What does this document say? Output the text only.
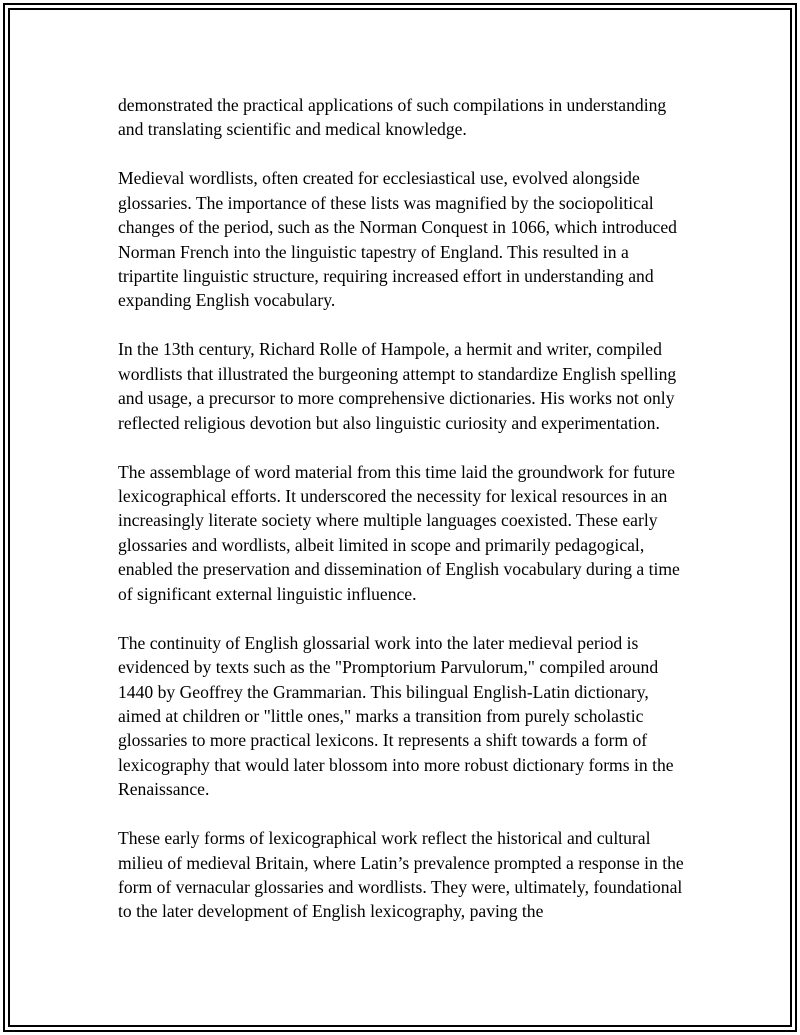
demonstrated the practical applications of such compilations in understanding and translating scientific and medical knowledge.

Medieval wordlists, often created for ecclesiastical use, evolved alongside glossaries. The importance of these lists was magnified by the sociopolitical changes of the period, such as the Norman Conquest in 1066, which introduced Norman French into the linguistic tapestry of England. This resulted in a tripartite linguistic structure, requiring increased effort in understanding and expanding English vocabulary.

In the 13th century, Richard Rolle of Hampole, a hermit and writer, compiled wordlists that illustrated the burgeoning attempt to standardize English spelling and usage, a precursor to more comprehensive dictionaries. His works not only reflected religious devotion but also linguistic curiosity and experimentation.

The assemblage of word material from this time laid the groundwork for future lexicographical efforts. It underscored the necessity for lexical resources in an increasingly literate society where multiple languages coexisted. These early glossaries and wordlists, albeit limited in scope and primarily pedagogical, enabled the preservation and dissemination of English vocabulary during a time of significant external linguistic influence.

The continuity of English glossarial work into the later medieval period is evidenced by texts such as the "Promptorium Parvulorum," compiled around 1440 by Geoffrey the Grammarian. This bilingual English-Latin dictionary, aimed at children or "little ones," marks a transition from purely scholastic glossaries to more practical lexicons. It represents a shift towards a form of lexicography that would later blossom into more robust dictionary forms in the Renaissance.

These early forms of lexicographical work reflect the historical and cultural milieu of medieval Britain, where Latin’s prevalence prompted a response in the form of vernacular glossaries and wordlists. They were, ultimately, foundational to the later development of English lexicography, paving the
